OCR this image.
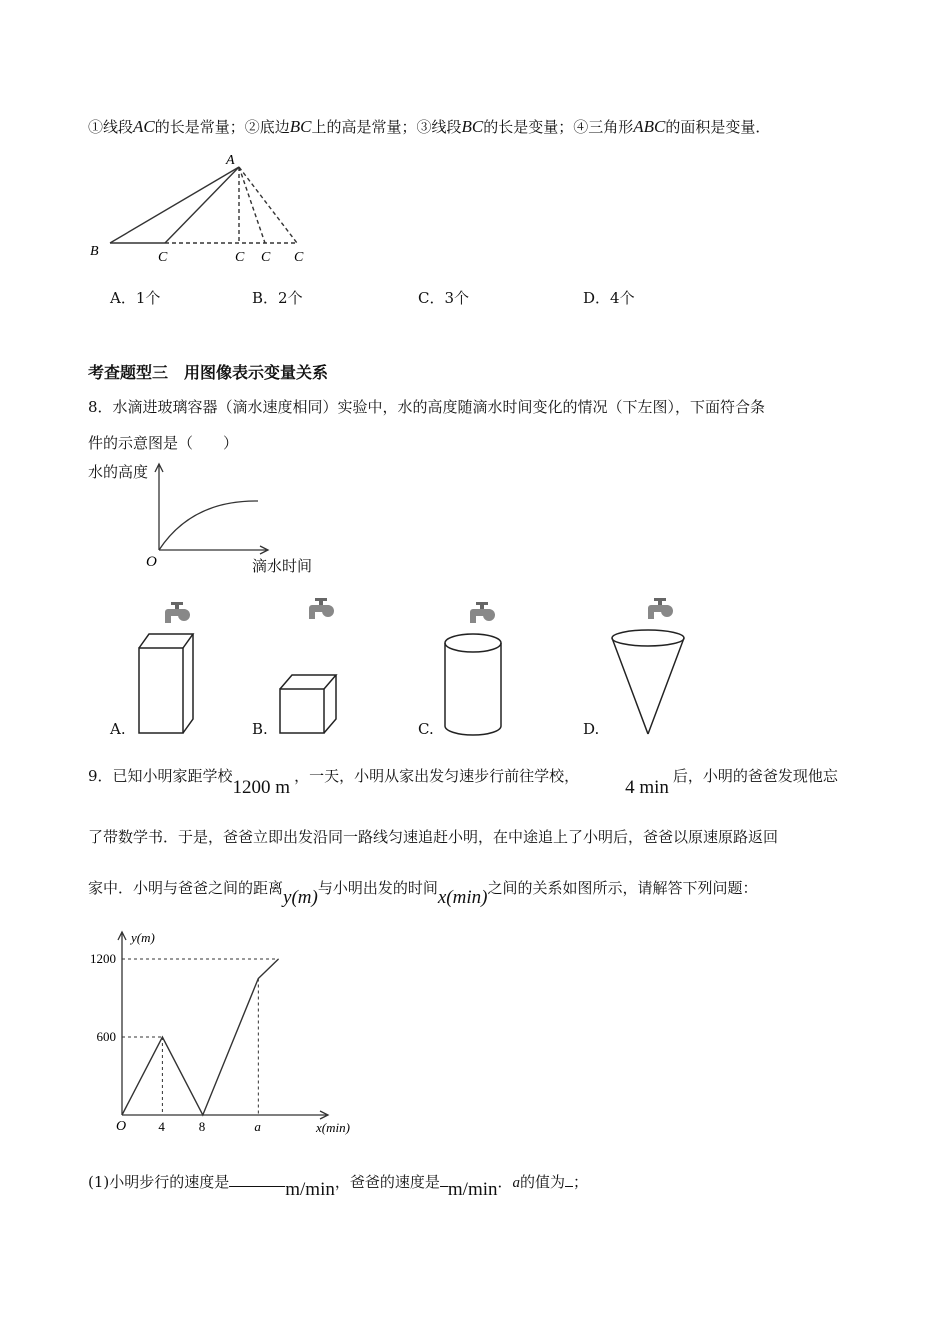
①线段AC的长是常量；②底边BC上的高是常量；③线段BC的长是变量；④三角形ABC的面积是变量．
A
B	C	C C C
A．1个	B．2个	C．3个	D．4个
考查题型三　用图像表示变量关系
8．水滴进玻璃容器（滴水速度相同）实验中，水的高度随滴水时间变化的情况（下左图），下面符合条
件的示意图是（　　）
水的高度
O	滴水时间
A.	B.	C.	D.
9．已知小明家距学校1200 m，一天，小明从家出发匀速步行前往学校，4 min后，小明的爸爸发现他忘
了带数学书．于是，爸爸立即出发沿同一路线匀速追赶小明，在中途追上了小明后，爸爸以原速原路返回
家中．小明与爸爸之间的距离y(m)与小明出发的时间x(min)之间的关系如图所示，请解答下列问题：
4	8	a
600
1200
y(m)
x(min)
O
(1)小明步行的速度是	m/min，爸爸的速度是 m/min．a的值为 ；
